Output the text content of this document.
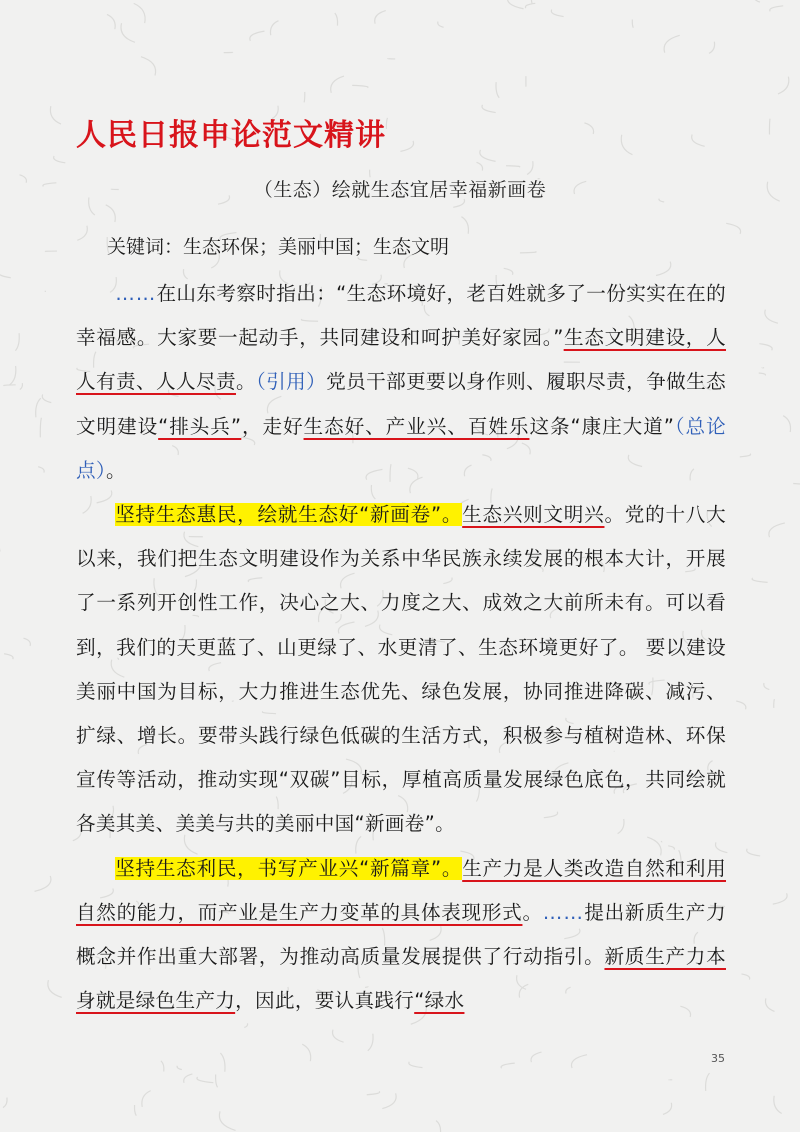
人民日报申论范文精讲
（生态）绘就生态宜居幸福新画卷

关键词：生态环保；美丽中国；生态文明

……在山东考察时指出：“生态环境好，老百姓就多了一份实实在在的幸福感。大家要一起动手，共同建设和呵护美好家园。”生态文明建设，人人有责、人人尽责。（引用）党员干部更要以身作则、履职尽责，争做生态文明建设“排头兵”，走好生态好、产业兴、百姓乐这条“康庄大道”（总论点）。

坚持生态惠民，绘就生态好“新画卷”。生态兴则文明兴。党的十八大以来，我们把生态文明建设作为关系中华民族永续发展的根本大计，开展了一系列开创性工作，决心之大、力度之大、成效之大前所未有。可以看到，我们的天更蓝了、山更绿了、水更清了、生态环境更好了。 要以建设美丽中国为目标，大力推进生态优先、绿色发展，协同推进降碳、减污、扩绿、增长。要带头践行绿色低碳的生活方式，积极参与植树造林、环保宣传等活动，推动实现“双碳”目标，厚植高质量发展绿色底色，共同绘就各美其美、美美与共的美丽中国“新画卷”。

坚持生态利民，书写产业兴“新篇章”。生产力是人类改造自然和利用自然的能力，而产业是生产力变革的具体表现形式。……提出新质生产力概念并作出重大部署，为推动高质量发展提供了行动指引。新质生产力本身就是绿色生产力，因此，要认真践行“绿水

35
